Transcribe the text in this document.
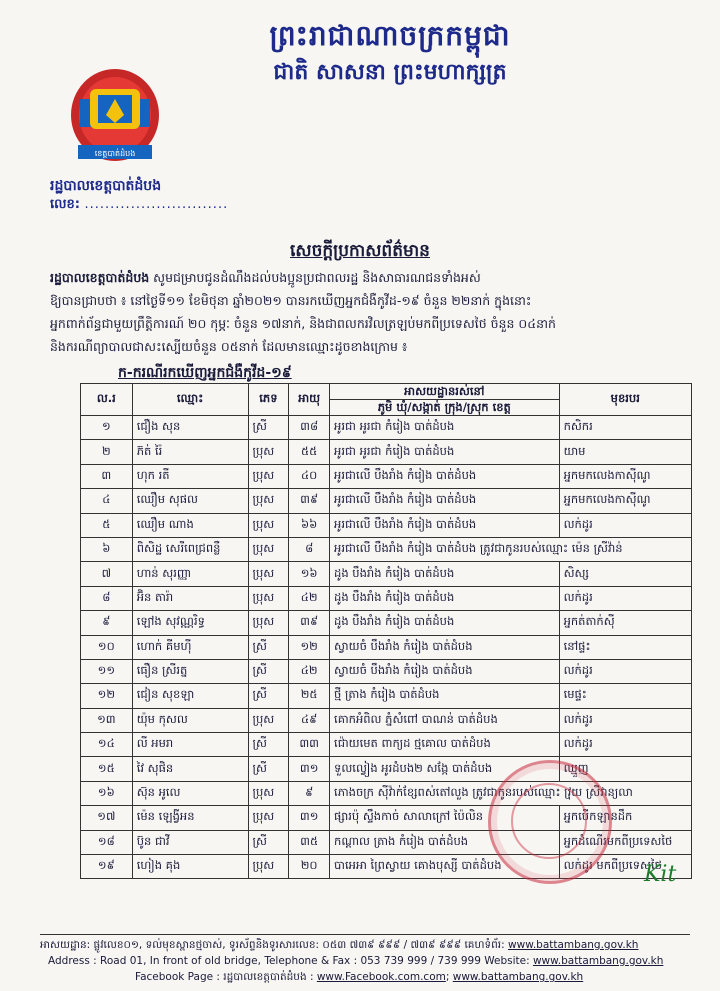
ព្រះរាជាណាចក្រកម្ពុជា
ជាតិ សាសនា ព្រះមហាក្សត្រ
ខេត្តបាត់ដំបង
រដ្ឋបាលខេត្តបាត់ដំបង
លេខ: ............................
សេចក្តីប្រកាសព័ត៌មាន
រដ្ឋបាលខេត្តបាត់ដំបង សូមជម្រាបជូនដំណឹងដល់បងប្អូនប្រជាពលរដ្ឋ និងសាធារណជនទាំងអស់
ឱ្យបានជ្រាបថា ៖ នៅថ្ងៃទី១១ ខែមិថុនា ឆ្នាំ២០២១ បានរកឃើញអ្នកជំងឺកូវីដ-១៩ ចំនួន ២២នាក់ ក្នុងនោះ
អ្នកពាក់ព័ន្ធជាមួយព្រឹត្តិការណ៍ ២០ កុម្ភៈ ចំនួន ១៧នាក់, និងជាពលករវិលត្រឡប់មកពីប្រទេសថៃ ចំនួន ០៤នាក់
និងករណីព្យាបាលជាសះស្បើយចំនួន ០៥នាក់ ដែលមានឈ្មោះដូចខាងក្រោម ៖
ក-ករណីរកឃើញអ្នកជំងឺកូវីដ-១៩
ល.រ	ឈ្មោះ	ភេទ	អាយុ	អាសយដ្ឋានរស់នៅ	មុខរបរ
				ភូមិ ឃុំ/សង្កាត់ ក្រុង/ស្រុក ខេត្ត	
១	ជឿង សុន	ស្រី	៣៨	អូរជា អូរជា កំរៀង បាត់ដំបង	កសិករ
២	ភ៊ត់ រ៉ៃ	ប្រុស	៥៥	អូរជា អូរជា កំរៀង បាត់ដំបង	យាម
៣	ហុក រតី	ប្រុស	៤០	អូរជាលើ បឹងរាំង កំរៀង បាត់ដំបង	អ្នកមកលេងកាស៊ីណូ
៤	ឈឿម សុផល	ប្រុស	៣៩	អូរជាលើ បឹងរាំង កំរៀង បាត់ដំបង	អ្នកមកលេងកាស៊ីណូ
៥	ឈឿម ណាង	ប្រុស	៦៦	អូរជាលើ បឹងរាំង កំរៀង បាត់ដំបង	លក់ដូរ
៦	ពិសិដ្ឋ សេរីពេជ្រពន្លឺ	ប្រុស	៨	អូរជាលើ បឹងរាំង កំរៀង បាត់ដំបង ត្រូវជាកូនរបស់ឈ្មោះ ម៉េន ស្រីវ៉ាន់	
៧	ហាន់ សុរញ្ញា	ប្រុស	១៦	ដូង បឹងរាំង កំរៀង បាត់ដំបង	សិស្ស
៨	អ៊ិន តារ៉ា	ប្រុស	៤២	ដូង បឹងរាំង កំរៀង បាត់ដំបង	លក់ដូរ
៩	ឡៅង សុវណ្ណរិទ្ធ	ប្រុស	៣៩	ដូង បឹងរាំង កំរៀង បាត់ដំបង	អ្នកត់តាក់ស៊ី
១០	ហោក់ គីមហ៊ី	ស្រី	១២	ស្វាយចំ បឹងរាំង កំរៀង បាត់ដំបង	នៅផ្ទះ
១១	ធឿន ស្រីរត្ន	ស្រី	៤២	ស្វាយចំ បឹងរាំង កំរៀង បាត់ដំបង	លក់ដូរ
១២	ជៀន សុខឡា	ស្រី	២៥	ថ្មី ត្រាង កំរៀង បាត់ដំបង	មេផ្ទះ
១៣	យ៉ុម កុសល	ប្រុស	៤៩	គោកអំពិល ភ្នំសំពៅ បាណន់ បាត់ដំបង	លក់ដូរ
១៤	លី អមរា	ស្រី	៣៣	ជ៉ោយមេត ពាក្យដ ថ្មគោល បាត់ដំបង	លក់ដូរ
១៥	វៃ សុផិន	ស្រី	៣១	ទួលល្វៀង អូរដំបង២ សង្កែ បាត់ដំបង	ឈ្មួញ
១៦	ស៊ុន អូលេ	ប្រុស	៩	ភោងចក្រ ស៊ីវ៉ាក់ខ្សែពស់តៅលួង ត្រូវជាកូនរបស់ឈ្មោះ វ្រុយ ស្រីវាន្យលា	
១៧	ម៉េន ឡេង្វីអន	ប្រុស	៣១	ផ្សារប៉ុ ស្ទឹងកាច់ សាលាក្រៅ ប៉ៃលិន	អ្នកបើកឡានដឹក
១៨	ប៊ូន ជាវី	ស្រី	៣៥	កណ្តាល ត្រាង កំរៀង បាត់ដំបង	អ្នកដំណើរមកពីប្រទេសថៃ
១៩	ហៀង គុង	ប្រុស	២០	បាអេអា ព្រៃស្វាយ គោងបុស្សី បាត់ដំបង	លក់ដូរ មកពីប្រទេសថៃ
Kit
អាសយដ្ឋាន: ផ្លូវលេខ០១, ទល់មុខស្ពានថ្មចាស់, ទូរស័ព្ទនិងទូរសារលេខ: ០៥៣ ៧៣៩ ៩៩៩ / ៧៣៩ ៩៩៩ គេហទំព័រ: www.battambang.gov.kh
Address : Road 01, In front of old bridge, Telephone & Fax : 053 739 999 / 739 999 Website: www.battambang.gov.kh
Facebook Page : រដ្ឋបាលខេត្តបាត់ដំបង : www.Facebook.com.com; www.battambang.gov.kh
